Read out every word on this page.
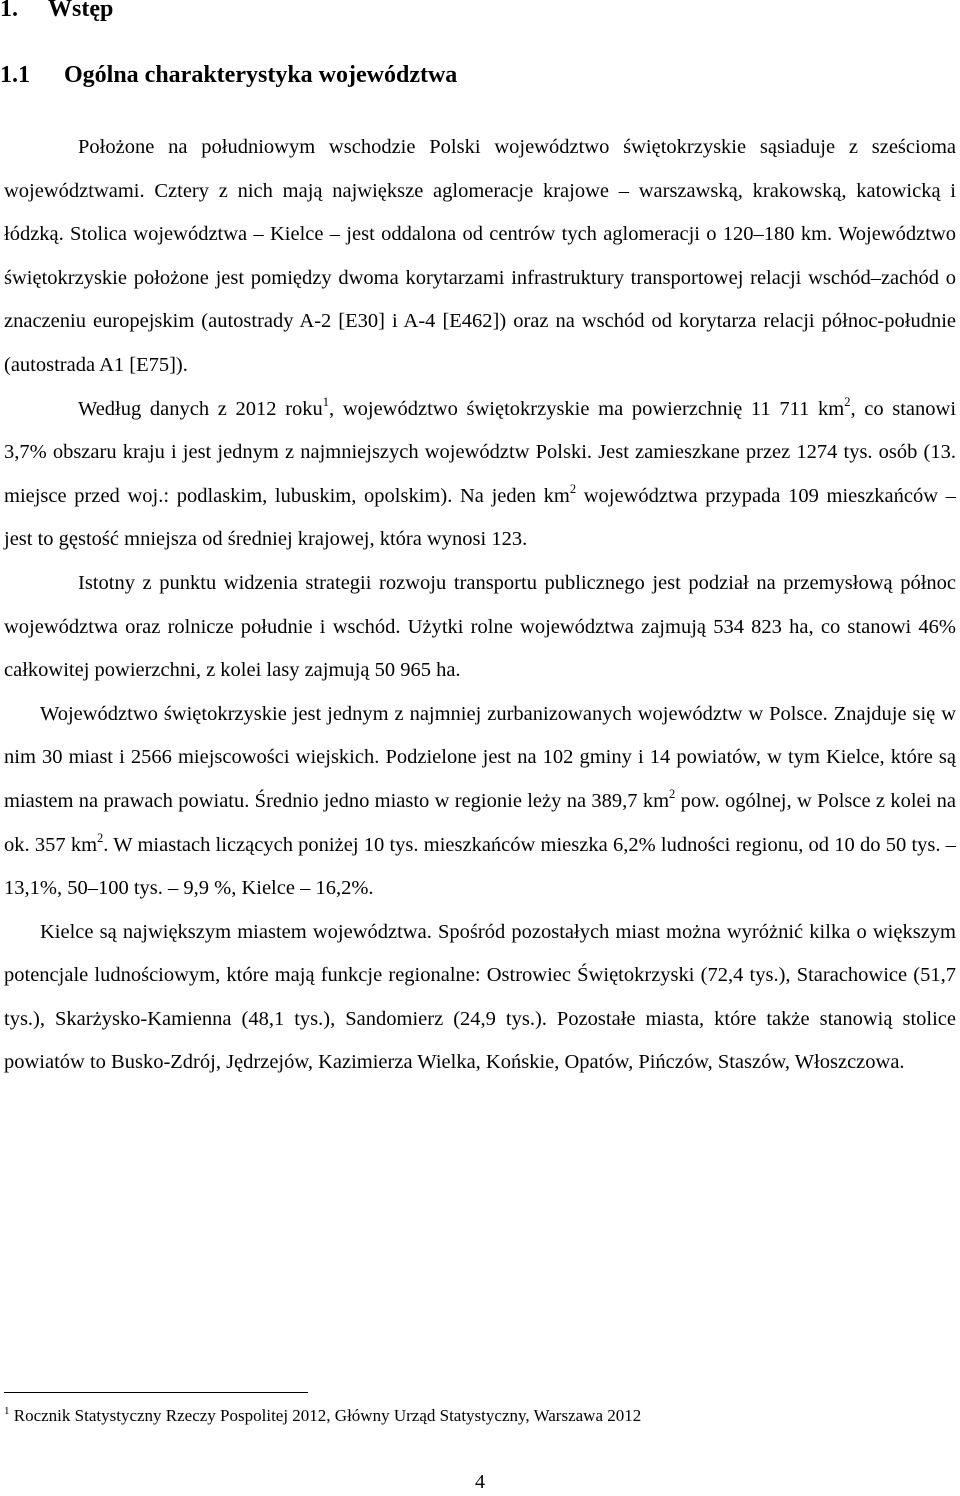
1. Wstęp
1.1 Ogólna charakterystyka województwa

Położone na południowym wschodzie Polski województwo świętokrzyskie sąsiaduje z sześcioma województwami. Cztery z nich mają największe aglomeracje krajowe – warszawską, krakowską, katowicką i łódzką. Stolica województwa – Kielce – jest oddalona od centrów tych aglomeracji o 120–180 km. Województwo świętokrzyskie położone jest pomiędzy dwoma korytarzami infrastruktury transportowej relacji wschód–zachód o znaczeniu europejskim (autostrady A-2 [E30] i A-4 [E462]) oraz na wschód od korytarza relacji północ-południe (autostrada A1 [E75]).

Według danych z 2012 roku$^1$, województwo świętokrzyskie ma powierzchnię 11 711 $km^2$, co stanowi 3,7% obszaru kraju i jest jednym z najmniejszych województw Polski. Jest zamieszkane przez 1274 tys. osób (13. miejsce przed woj.: podlaskim, lubuskim, opolskim). Na jeden $km^2$ województwa przypada 109 mieszkańców – jest to gęstość mniejsza od średniej krajowej, która wynosi 123.

Istotny z punktu widzenia strategii rozwoju transportu publicznego jest podział na przemysłową północ województwa oraz rolnicze południe i wschód. Użytki rolne województwa zajmują 534 823 ha, co stanowi 46% całkowitej powierzchni, z kolei lasy zajmują 50 965 ha.

Województwo świętokrzyskie jest jednym z najmniej zurbanizowanych województw w Polsce. Znajduje się w nim 30 miast i 2566 miejscowości wiejskich. Podzielone jest na 102 gminy i 14 powiatów, w tym Kielce, które są miastem na prawach powiatu. Średnio jedno miasto w regionie leży na 389,7 $km^2$ pow. ogólnej, w Polsce z kolei na ok. 357 $km^2$. W miastach liczących poniżej 10 tys. mieszkańców mieszka 6,2% ludności regionu, od 10 do 50 tys. – 13,1%, 50–100 tys. – 9,9 %, Kielce – 16,2%.

Kielce są największym miastem województwa. Spośród pozostałych miast można wyróżnić kilka o większym potencjale ludnościowym, które mają funkcje regionalne: Ostrowiec Świętokrzyski (72,4 tys.), Starachowice (51,7 tys.), Skarżysko-Kamienna (48,1 tys.), Sandomierz (24,9 tys.). Pozostałe miasta, które także stanowią stolice powiatów to Busko-Zdrój, Jędrzejów, Kazimierza Wielka, Końskie, Opatów, Pińczów, Staszów, Włoszczowa.

$^1$ Rocznik Statystyczny Rzeczy Pospolitej 2012, Główny Urząd Statystyczny, Warszawa 2012
4
